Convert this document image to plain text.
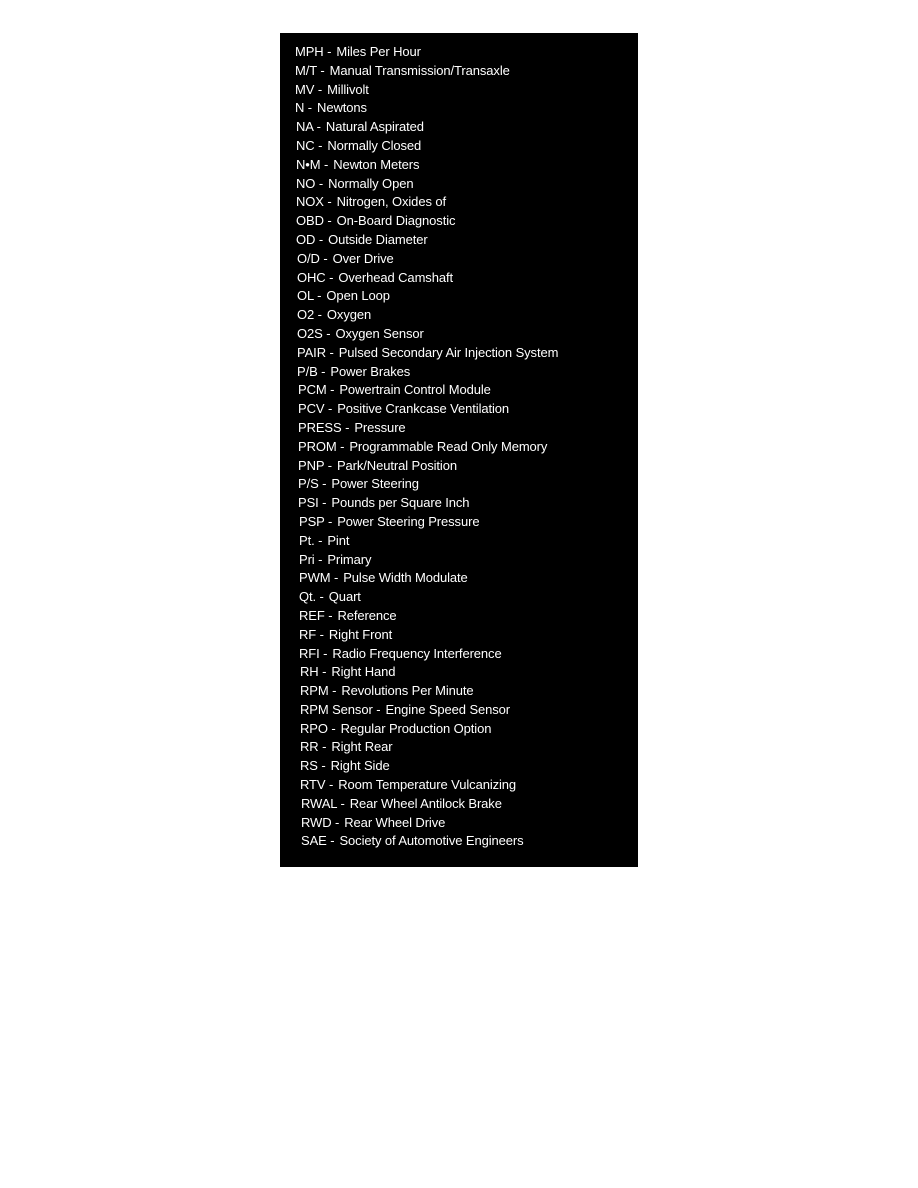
MPH - Miles Per Hour
M/T - Manual Transmission/Transaxle
MV - Millivolt
N - Newtons
NA - Natural Aspirated
NC - Normally Closed
N•M - Newton Meters
NO - Normally Open
NOX - Nitrogen, Oxides of
OBD - On-Board Diagnostic
OD - Outside Diameter
O/D - Over Drive
OHC - Overhead Camshaft
OL - Open Loop
O2 - Oxygen
O2S - Oxygen Sensor
PAIR - Pulsed Secondary Air Injection System
P/B - Power Brakes
PCM - Powertrain Control Module
PCV - Positive Crankcase Ventilation
PRESS - Pressure
PROM - Programmable Read Only Memory
PNP - Park/Neutral Position
P/S - Power Steering
PSI - Pounds per Square Inch
PSP - Power Steering Pressure
Pt. - Pint
Pri - Primary
PWM - Pulse Width Modulate
Qt. - Quart
REF - Reference
RF - Right Front
RFI - Radio Frequency Interference
RH - Right Hand
RPM - Revolutions Per Minute
RPM Sensor - Engine Speed Sensor
RPO - Regular Production Option
RR - Right Rear
RS - Right Side
RTV - Room Temperature Vulcanizing
RWAL - Rear Wheel Antilock Brake
RWD - Rear Wheel Drive
SAE - Society of Automotive Engineers
